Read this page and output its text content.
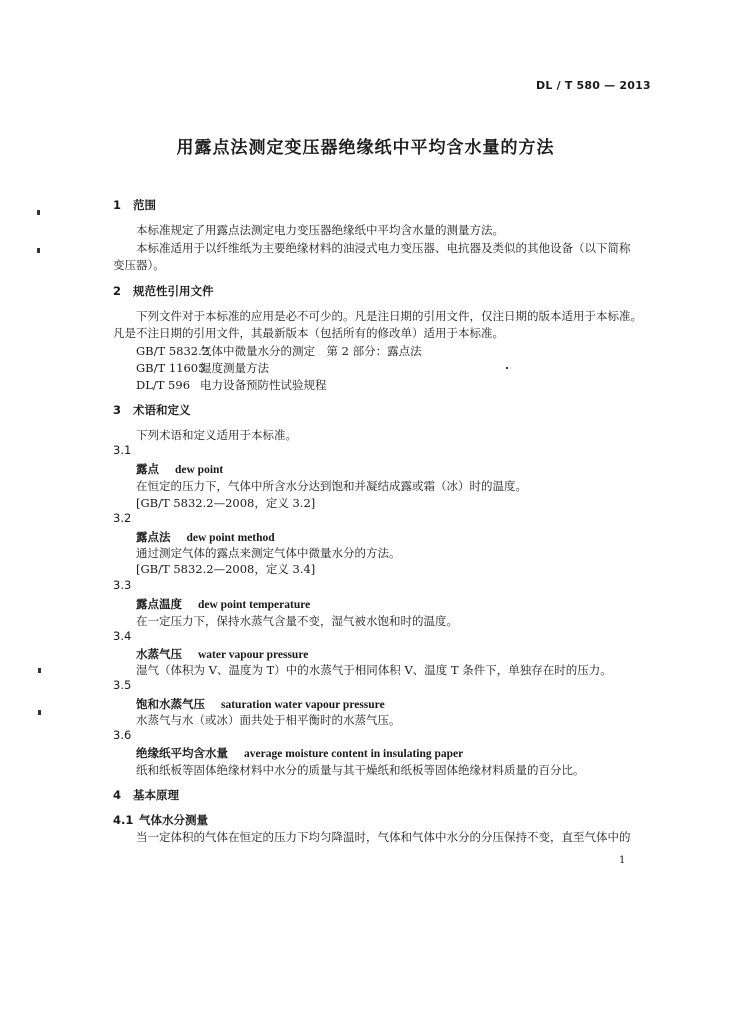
DL / T 580 — 2013
用露点法测定变压器绝缘纸中平均含水量的方法
1 范围
本标准规定了用露点法测定电力变压器绝缘纸中平均含水量的测量方法。
本标准适用于以纤维纸为主要绝缘材料的油浸式电力变压器、电抗器及类似的其他设备（以下简称
变压器）。
2 规范性引用文件
下列文件对于本标准的应用是必不可少的。凡是注日期的引用文件，仅注日期的版本适用于本标准。
凡是不注日期的引用文件，其最新版本（包括所有的修改单）适用于本标准。
GB/T 5832.2气体中微量水分的测定　第 2 部分：露点法
GB/T 11605湿度测量方法
DL/T 596 电力设备预防性试验规程
3 术语和定义
下列术语和定义适用于本标准。
3.1
露点 dew point
在恒定的压力下，气体中所含水分达到饱和并凝结成露或霜（冰）时的温度。
[GB/T 5832.2—2008，定义 3.2]
3.2
露点法 dew point method
通过测定气体的露点来测定气体中微量水分的方法。
[GB/T 5832.2—2008，定义 3.4]
3.3
露点温度 dew point temperature
在一定压力下，保持水蒸气含量不变，湿气被水饱和时的温度。
3.4
水蒸气压 water vapour pressure
湿气（体积为 V、温度为 T）中的水蒸气于相同体积 V、温度 T 条件下，单独存在时的压力。
3.5
饱和水蒸气压 saturation water vapour pressure
水蒸气与水（或冰）面共处于相平衡时的水蒸气压。
3.6
绝缘纸平均含水量 average moisture content in insulating paper
纸和纸板等固体绝缘材料中水分的质量与其干燥纸和纸板等固体绝缘材料质量的百分比。
4 基本原理
4.1 气体水分测量
当一定体积的气体在恒定的压力下均匀降温时，气体和气体中水分的分压保持不变，直至气体中的
1
